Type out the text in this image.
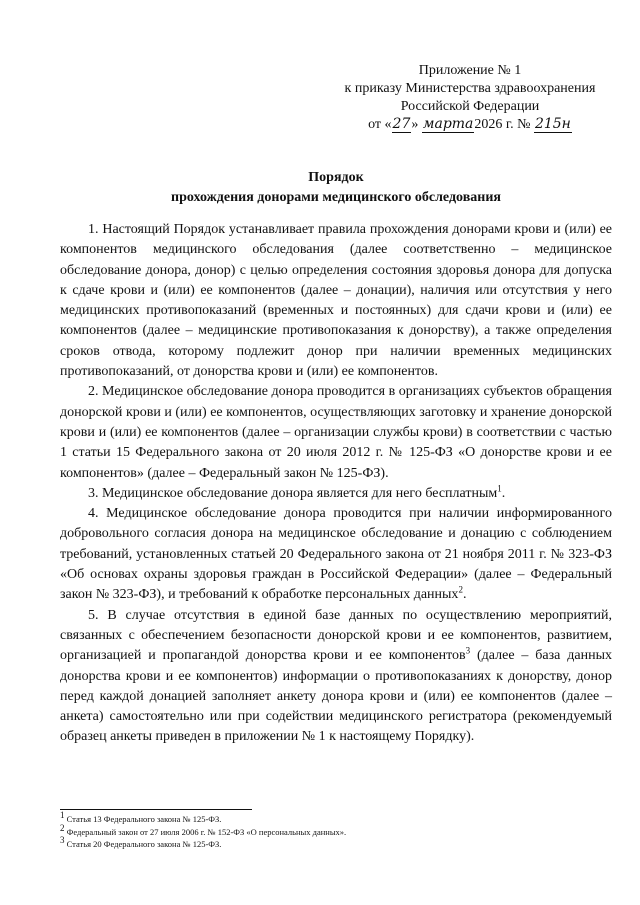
Приложение № 1
к приказу Министерства здравоохранения
Российской Федерации
от «27» марта2026 г. № 215н
Порядок
прохождения донорами медицинского обследования

1. Настоящий Порядок устанавливает правила прохождения донорами крови и (или) ее компонентов медицинского обследования (далее соответственно – медицинское обследование донора, донор) с целью определения состояния здоровья донора для допуска к сдаче крови и (или) ее компонентов (далее – донации), наличия или отсутствия у него медицинских противопоказаний (временных и постоянных) для сдачи крови и (или) ее компонентов (далее – медицинские противопоказания к донорству), а также определения сроков отвода, которому подлежит донор при наличии временных медицинских противопоказаний, от донорства крови и (или) ее компонентов.

2. Медицинское обследование донора проводится в организациях субъектов обращения донорской крови и (или) ее компонентов, осуществляющих заготовку и хранение донорской крови и (или) ее компонентов (далее – организации службы крови) в соответствии с частью 1 статьи 15 Федерального закона от 20 июля 2012 г. № 125-ФЗ «О донорстве крови и ее компонентов» (далее – Федеральный закон № 125-ФЗ).

3. Медицинское обследование донора является для него бесплатным$^1$.

4. Медицинское обследование донора проводится при наличии информированного добровольного согласия донора на медицинское обследование и донацию с соблюдением требований, установленных статьей 20 Федерального закона от 21 ноября 2011 г. № 323-ФЗ «Об основах охраны здоровья граждан в Российской Федерации» (далее – Федеральный закон № 323-ФЗ), и требований к обработке персональных данных$^2$.

5. В случае отсутствия в единой базе данных по осуществлению мероприятий, связанных с обеспечением безопасности донорской крови и ее компонентов, развитием, организацией и пропагандой донорства крови и ее компонентов$^3$ (далее – база данных донорства крови и ее компонентов) информации о противопоказаниях к донорству, донор перед каждой донацией заполняет анкету донора крови и (или) ее компонентов (далее – анкета) самостоятельно или при содействии медицинского регистратора (рекомендуемый образец анкеты приведен в приложении № 1 к настоящему Порядку).

$^1$ Статья 13 Федерального закона № 125-ФЗ.
$^2$ Федеральный закон от 27 июля 2006 г. № 152-ФЗ «О персональных данных».
$^3$ Статья 20 Федерального закона № 125-ФЗ.
